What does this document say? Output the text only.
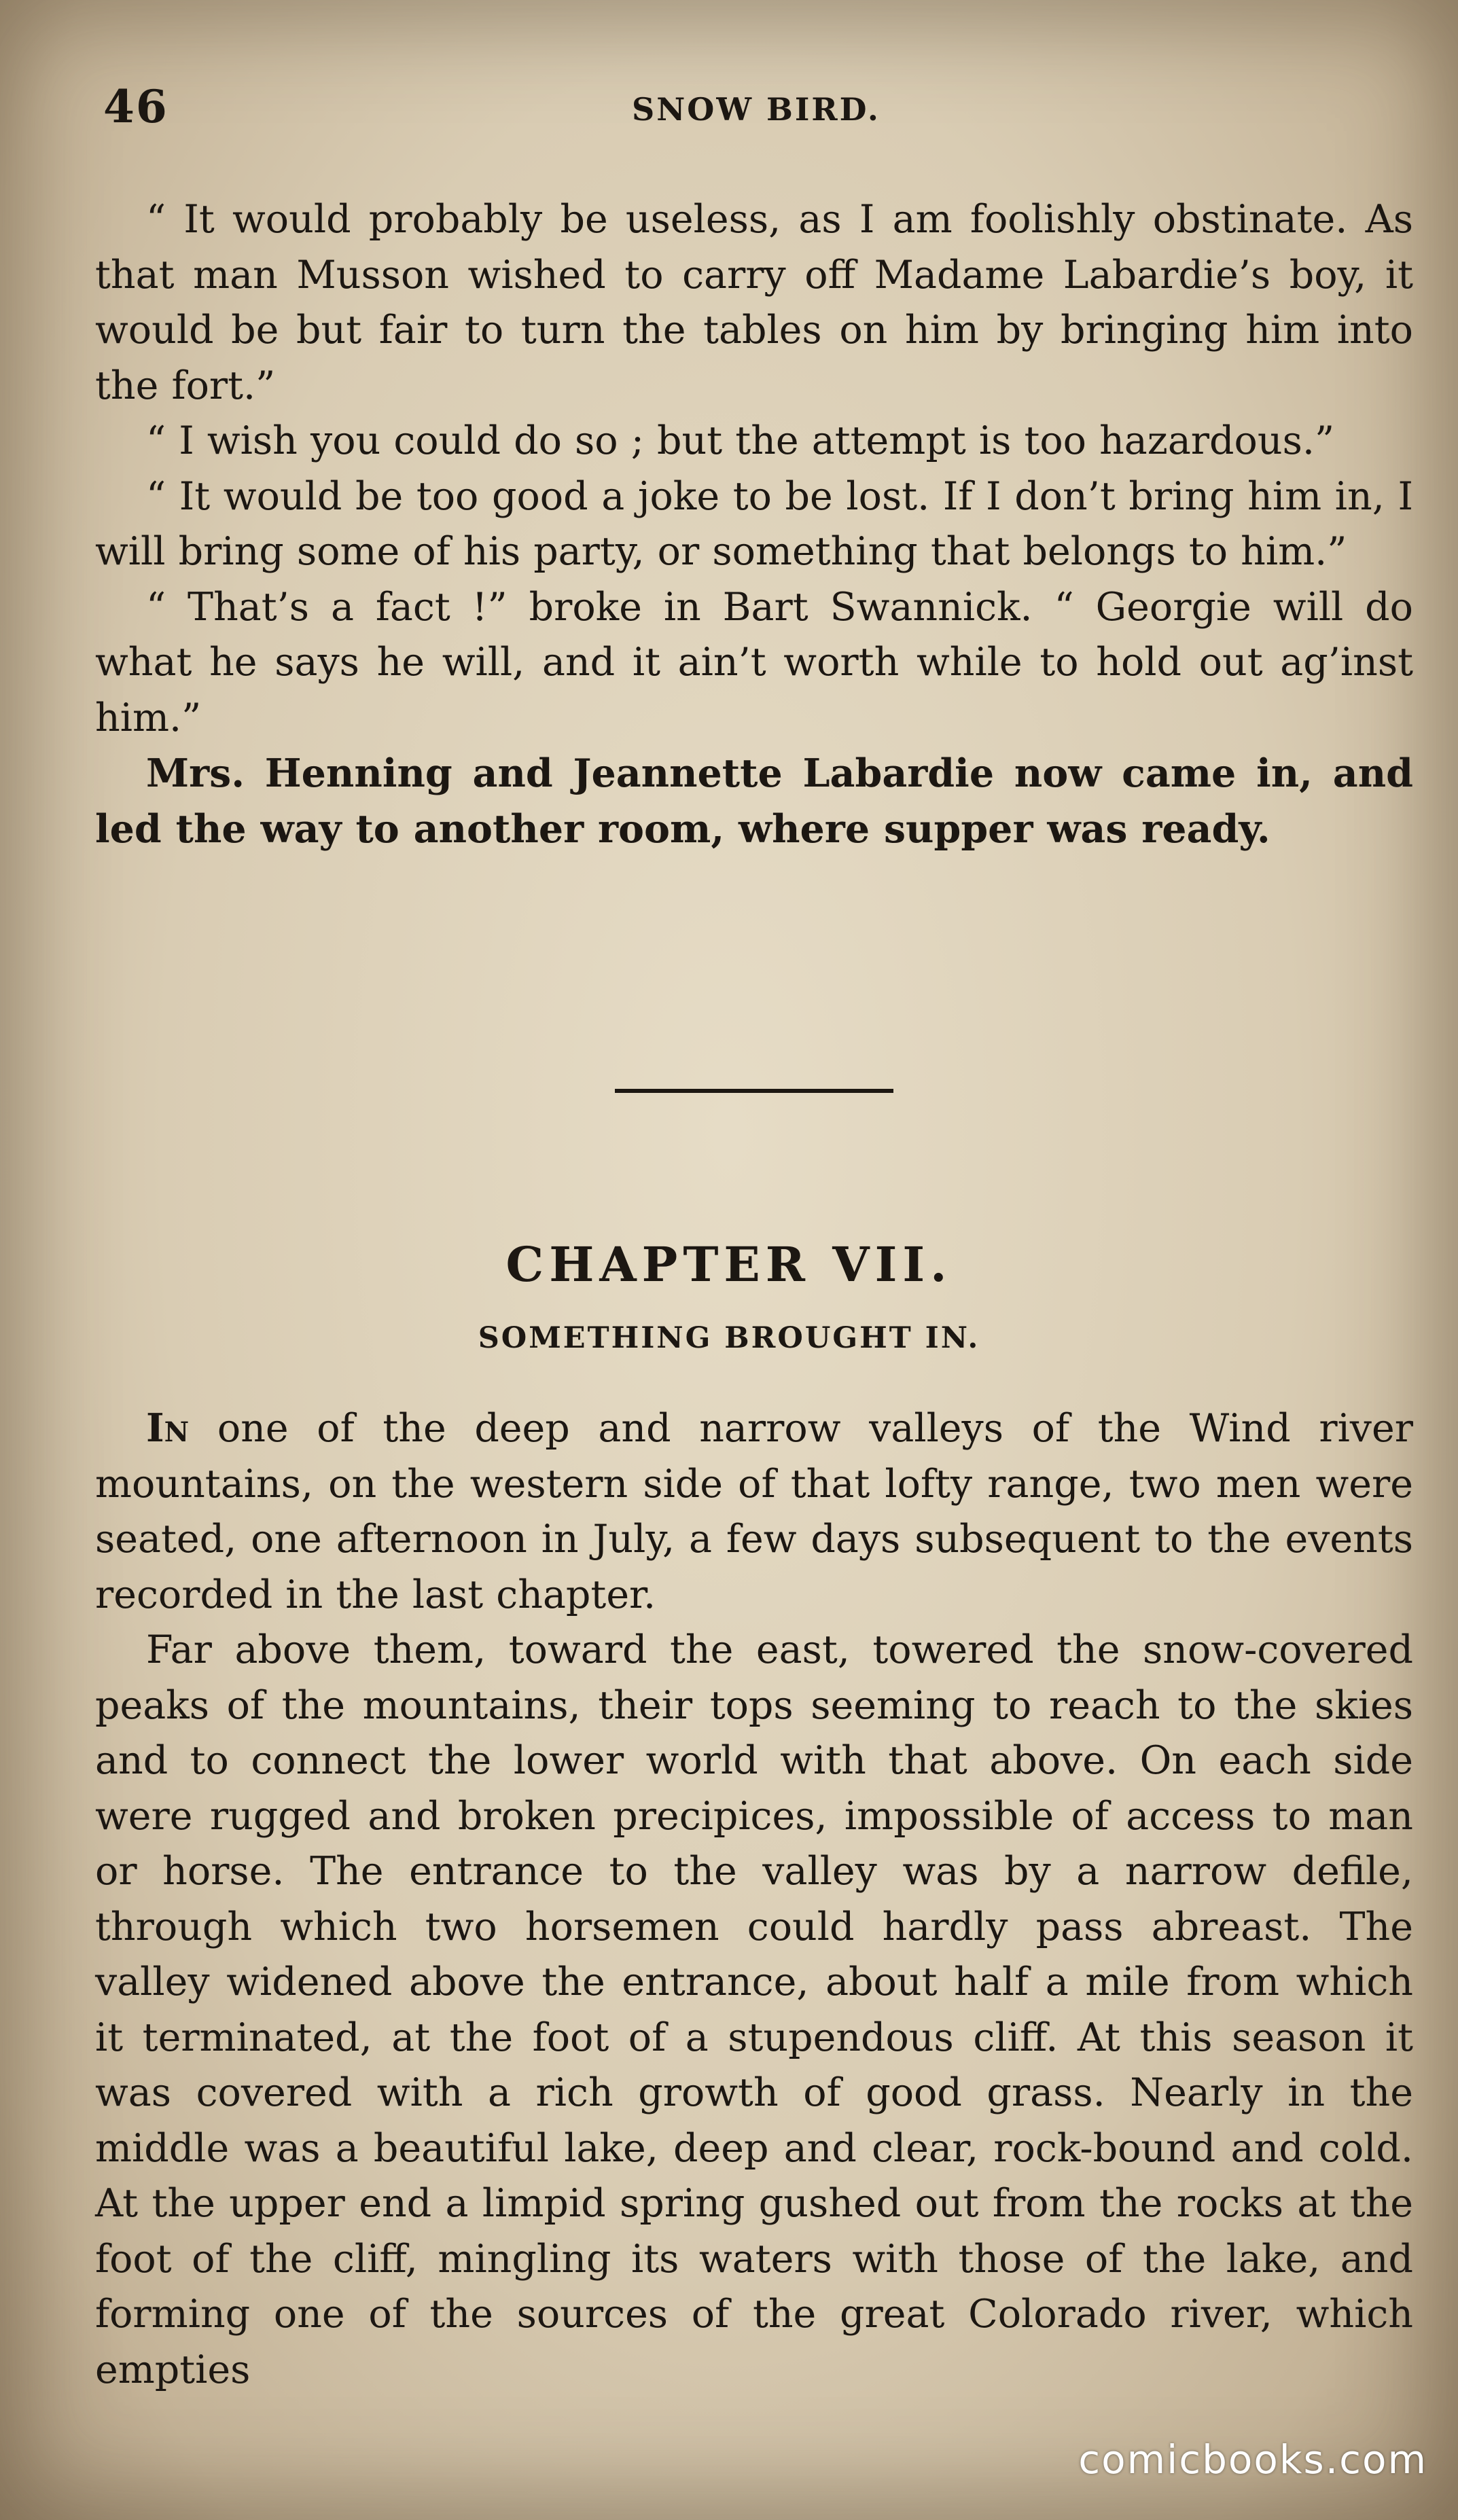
46	SNOW BIRD.

“ It would probably be useless, as I am foolishly obstinate. As that man Musson wished to carry off Madame Labardie’s boy, it would be but fair to turn the tables on him by bringing him into the fort.”

“ I wish you could do so ; but the attempt is too hazardous.”

“ It would be too good a joke to be lost. If I don’t bring him in, I will bring some of his party, or something that belongs to him.”

“ That’s a fact !” broke in Bart Swannick. “ Georgie will do what he says he will, and it ain’t worth while to hold out ag’inst him.”

Mrs. Henning and Jeannette Labardie now came in, and led the way to another room, where supper was ready.

CHAPTER VII.
SOMETHING BROUGHT IN.

In one of the deep and narrow valleys of the Wind river mountains, on the western side of that lofty range, two men were seated, one afternoon in July, a few days subsequent to the events recorded in the last chapter.

Far above them, toward the east, towered the snow-covered peaks of the mountains, their tops seeming to reach to the skies and to connect the lower world with that above. On each side were rugged and broken precipices, impossible of access to man or horse. The entrance to the valley was by a narrow defile, through which two horsemen could hardly pass abreast. The valley widened above the entrance, about half a mile from which it terminated, at the foot of a stupendous cliff. At this season it was covered with a rich growth of good grass. Nearly in the middle was a beautiful lake, deep and clear, rock-bound and cold. At the upper end a limpid spring gushed out from the rocks at the foot of the cliff, mingling its waters with those of the lake, and forming one of the sources of the great Colorado river, which empties

comicbooks.com
